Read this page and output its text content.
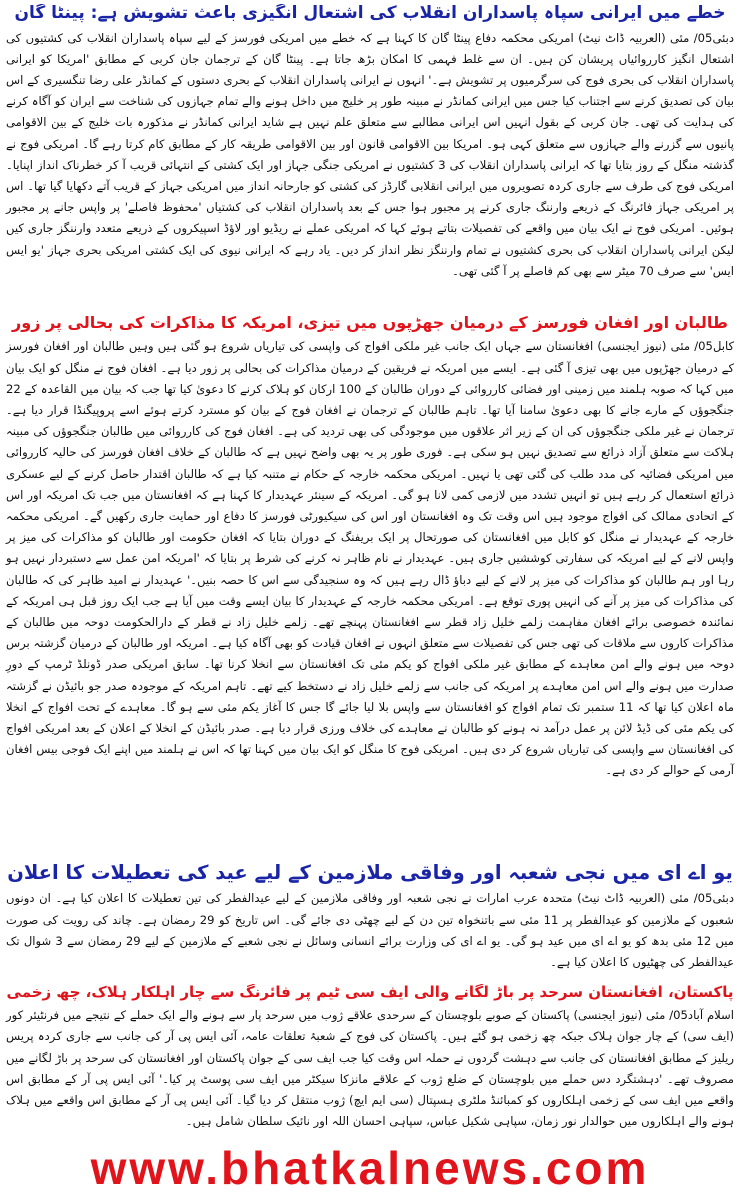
خطے میں ایرانی سپاہ پاسداران انقلاب کی اشتعال انگیزی باعث تشویش ہے: پینٹا گان

دبئی05/ مئی (العربیہ ڈاٹ نیٹ) امریکی محکمہ دفاع پینٹا گان کا کہنا ہے کہ خطے میں امریکی فورسز کے لیے سپاہ پاسداران انقلاب کی کشتیوں کی اشتعال انگیز کارروائیاں پریشان کن ہیں۔ ان سے غلط فہمی کا امکان بڑھ جاتا ہے۔ پینٹا گان کے ترجمان جان کربی کے مطابق 'امریکا کو ایرانی پاسداران انقلاب کی بحری فوج کی سرگرمیوں پر تشویش ہے۔' انہوں نے ایرانی پاسداران انقلاب کے بحری دستوں کے کمانڈر علی رضا تنگسیری کے اس بیان کی تصدیق کرنے سے اجتناب کیا جس میں ایرانی کمانڈر نے مبینہ طور پر خلیج میں داخل ہونے والے تمام جہازوں کی شناخت سے ایران کو آگاہ کرنے کی ہدایت کی تھی۔ جان کربی کے بقول انہیں اس ایرانی مطالبے سے متعلق علم نہیں ہے شاید ایرانی کمانڈر نے مذکورہ بات خلیج کے بین الاقوامی پانیوں سے گزرنے والے جہازوں سے متعلق کہی ہو۔ امریکا بین الاقوامی قانون اور بین الاقوامی طریقہ کار کے مطابق کام کرتا رہے گا۔ امریکی فوج نے گذشتہ منگل کے روز بتایا تھا کہ ایرانی پاسداران انقلاب کی 3 کشتیوں نے امریکی جنگی جہاز اور ایک کشتی کے انتہائی قریب آ کر خطرناک انداز اپنایا۔ امریکی فوج کی طرف سے جاری کردہ تصویروں میں ایرانی انقلابی گارڈز کی کشتی کو جارحانہ انداز میں امریکی جہاز کے قریب آتے دکھایا گیا تھا۔ اس پر امریکی جہاز فائرنگ کے ذریعے وارننگ جاری کرنے پر مجبور ہوا جس کے بعد پاسداران انقلاب کی کشتیاں 'محفوظ فاصلے' پر واپس جانے پر مجبور ہوئیں۔ امریکی فوج نے ایک بیان میں واقعے کی تفصیلات بتاتے ہوئے کہا کہ امریکی عملے نے ریڈیو اور لاؤڈ اسپیکروں کے ذریعے متعدد وارننگز جاری کیں لیکن ایرانی پاسداران انقلاب کی بحری کشتیوں نے تمام وارننگز نظر انداز کر دیں۔ یاد رہے کہ ایرانی نیوی کی ایک کشتی امریکی بحری جہاز 'یو ایس ایس' سے صرف 70 میٹر سے بھی کم فاصلے پر آ گئی تھی۔

طالبان اور افغان فورسز کے درمیان جھڑپوں میں تیزی، امریکہ کا مذاکرات کی بحالی پر زور

کابل05/ مئی (نیوز ایجنسی) افغانستان سے جہاں ایک جانب غیر ملکی افواج کی واپسی کی تیاریاں شروع ہو گئی ہیں وہیں طالبان اور افغان فورسز کے درمیان جھڑپوں میں بھی تیزی آ گئی ہے۔ ایسے میں امریکہ نے فریقین کے درمیان مذاکرات کی بحالی پر زور دیا ہے۔ افغان فوج نے منگل کو ایک بیان میں کہا کہ صوبہ ہلمند میں زمینی اور فضائی کارروائی کے دوران طالبان کے 100 ارکان کو ہلاک کرنے کا دعویٰ کیا تھا جب کہ بیان میں القاعدہ کے 22 جنگجوؤں کے مارے جانے کا بھی دعویٰ سامنا آیا تھا۔ تاہم طالبان کے ترجمان نے افغان فوج کے بیان کو مسترد کرتے ہوئے اسے پروپیگنڈا قرار دیا ہے۔ ترجمان نے غیر ملکی جنگجوؤں کی ان کے زیر اثر علاقوں میں موجودگی کی بھی تردید کی ہے۔ افغان فوج کی کارروائی میں طالبان جنگجوؤں کی مبینہ ہلاکت سے متعلق آزاد ذرائع سے تصدیق نہیں ہو سکی ہے۔ فوری طور پر یہ بھی واضح نہیں ہے کہ طالبان کے خلاف افغان فورسز کی حالیہ کارروائی میں امریکی فضائیہ کی مدد طلب کی گئی تھی یا نہیں۔ امریکی محکمہ خارجہ کے حکام نے متنبہ کیا ہے کہ طالبان اقتدار حاصل کرنے کے لیے عسکری ذرائع استعمال کر رہے ہیں تو انہیں تشدد میں لازمی کمی لانا ہو گی۔ امریکہ کے سینئر عہدیدار کا کہنا ہے کہ افغانستان میں جب تک امریکہ اور اس کے اتحادی ممالک کی افواج موجود ہیں اس وقت تک وہ افغانستان اور اس کی سیکیورٹی فورسز کا دفاع اور حمایت جاری رکھیں گے۔ امریکی محکمہ خارجہ کے عہدیدار نے منگل کو کابل میں افغانستان کی صورتحال پر ایک بریفنگ کے دوران بتایا کہ افغان حکومت اور طالبان کو مذاکرات کی میز پر واپس لانے کے لیے امریکہ کی سفارتی کوششیں جاری ہیں۔ عہدیدار نے نام ظاہر نہ کرنے کی شرط پر بتایا کہ 'امریکہ امن عمل سے دستبردار نہیں ہو رہا اور ہم طالبان کو مذاکرات کی میز پر لانے کے لیے دباؤ ڈال رہے ہیں کہ وہ سنجیدگی سے اس کا حصہ بنیں۔' عہدیدار نے امید ظاہر کی کہ طالبان کی مذاکرات کی میز پر آنے کی انہیں پوری توقع ہے۔ امریکی محکمہ خارجہ کے عہدیدار کا بیان ایسے وقت میں آیا ہے جب ایک روز قبل ہی امریکہ کے نمائندہ خصوصی برائے افغان مفاہمت زلمے خلیل زاد قطر سے افغانستان پہنچے تھے۔ زلمے خلیل زاد نے قطر کے دارالحکومت دوحہ میں طالبان کے مذاکرات کاروں سے ملاقات کی تھی جس کی تفصیلات سے متعلق انہوں نے افغان قیادت کو بھی آگاہ کیا ہے۔ امریکہ اور طالبان کے درمیان گزشتہ برس دوحہ میں ہونے والے امن معاہدے کے مطابق غیر ملکی افواج کو یکم مئی تک افغانستان سے انخلا کرنا تھا۔ سابق امریکی صدر ڈونلڈ ٹرمپ کے دورِ صدارت میں ہونے والے اس امن معاہدے پر امریکہ کی جانب سے زلمے خلیل زاد نے دستخط کیے تھے۔ تاہم امریکہ کے موجودہ صدر جو بائیڈن نے گزشتہ ماہ اعلان کیا تھا کہ 11 ستمبر تک تمام افواج کو افغانستان سے واپس بلا لیا جائے گا جس کا آغاز یکم مئی سے ہو گا۔ معاہدے کے تحت افواج کے انخلا کی یکم مئی کی ڈیڈ لائن پر عمل درآمد نہ ہونے کو طالبان نے معاہدے کی خلاف ورزی قرار دیا ہے۔ صدر بائیڈن کے انخلا کے اعلان کے بعد امریکی افواج کی افغانستان سے واپسی کی تیاریاں شروع کر دی ہیں۔ امریکی فوج کا منگل کو ایک بیان میں کہنا تھا کہ اس نے ہلمند میں اپنے ایک فوجی بیس افغان آرمی کے حوالے کر دی ہے۔

یو اے ای میں نجی شعبہ اور وفاقی ملازمین کے لیے عید کی تعطیلات کا اعلان

دبئی05/ مئی (العربیہ ڈاٹ نیٹ) متحدہ عرب امارات نے نجی شعبہ اور وفاقی ملازمین کے لیے عیدالفطر کی تین تعطیلات کا اعلان کیا ہے۔ ان دونوں شعبوں کے ملازمین کو عیدالفطر پر 11 مئی سے باتنخواہ تین دن کے لیے چھٹی دی جائے گی۔ اس تاریخ کو 29 رمضان ہے۔ چاند کی رویت کی صورت میں 12 مئی بدھ کو یو اے ای میں عید ہو گی۔ یو اے ای کی وزارت برائے انسانی وسائل نے نجی شعبے کے ملازمین کے لیے 29 رمضان سے 3 شوال تک عیدالفطر کی چھٹیوں کا اعلان کیا ہے۔

پاکستان، افغانستان سرحد پر باڑ لگانے والی ایف سی ٹیم پر فائرنگ سے چار اہلکار ہلاک، چھ زخمی

اسلام آباد05/ مئی (نیوز ایجنسی) پاکستان کے صوبے بلوچستان کے سرحدی علاقے ژوب میں سرحد پار سے ہونے والے ایک حملے کے نتیجے میں فرنٹیئر کور (ایف سی) کے چار جوان ہلاک جبکہ چھ زخمی ہو گئے ہیں۔ پاکستان کی فوج کے شعبۂ تعلقات عامہ، آئی ایس پی آر کی جانب سے جاری کردہ پریس ریلیز کے مطابق افغانستان کی جانب سے دہشت گردوں نے حملہ اس وقت کیا جب ایف سی کے جوان پاکستان اور افغانستان کی سرحد پر باڑ لگانے میں مصروف تھے۔ 'دہشتگرد دس حملے میں بلوچستان کے ضلع ژوب کے علاقے مانزکا سیکٹر میں ایف سی پوسٹ پر کیا۔' آئی ایس پی آر کے مطابق اس واقعے میں ایف سی کے زخمی اہلکاروں کو کمبائنڈ ملٹری ہسپتال (سی ایم ایچ) ژوب منتقل کر دیا گیا۔ آئی ایس پی آر کے مطابق اس واقعے میں ہلاک ہونے والے اہلکاروں میں حوالدار نور زمان، سپاہی شکیل عباس، سپاہی احسان اللہ اور نائیک سلطان شامل ہیں۔

www.bhatkalnews.com
